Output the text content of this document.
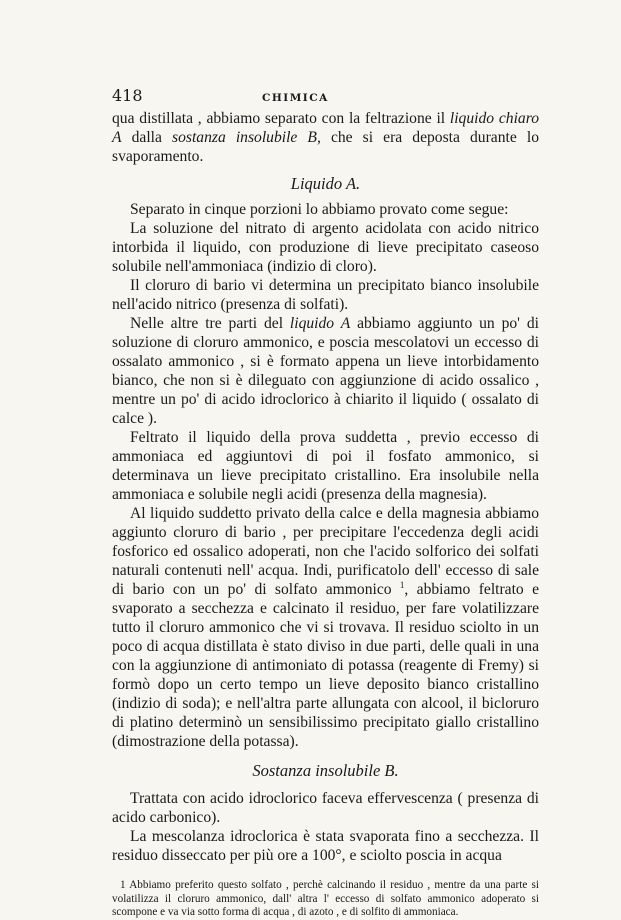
418	CHIMICA

qua distillata , abbiamo separato con la feltrazione il liquido chiaro A dalla sostanza insolubile B, che si era deposta durante lo svaporamento.

Liquido A.

Separato in cinque porzioni lo abbiamo provato come segue:

La soluzione del nitrato di argento acidolata con acido nitrico intorbida il liquido, con produzione di lieve precipitato caseoso solubile nell'ammoniaca (indizio di cloro).

Il cloruro di bario vi determina un precipitato bianco insolubile nell'acido nitrico (presenza di solfati).

Nelle altre tre parti del liquido A abbiamo aggiunto un po' di soluzione di cloruro ammonico, e poscia mescolatovi un eccesso di ossalato ammonico , si è formato appena un lieve intorbidamento bianco, che non si è dileguato con aggiunzione di acido ossalico , mentre un po' di acido idroclorico à chiarito il liquido ( ossalato di calce ).

Feltrato il liquido della prova suddetta , previo eccesso di ammoniaca ed aggiuntovi di poi il fosfato ammonico, si determinava un lieve precipitato cristallino. Era insolubile nella ammoniaca e solubile negli acidi (presenza della magnesia).

Al liquido suddetto privato della calce e della magnesia abbiamo aggiunto cloruro di bario , per precipitare l'eccedenza degli acidi fosforico ed ossalico adoperati, non che l'acido solforico dei solfati naturali contenuti nell' acqua. Indi, purificatolo dell' eccesso di sale di bario con un po' di solfato ammonico $^1$, abbiamo feltrato e svaporato a secchezza e calcinato il residuo, per fare volatilizzare tutto il cloruro ammonico che vi si trovava. Il residuo sciolto in un poco di acqua distillata è stato diviso in due parti, delle quali in una con la aggiunzione di antimoniato di potassa (reagente di Fremy) si formò dopo un certo tempo un lieve deposito bianco cristallino (indizio di soda); e nell'altra parte allungata con alcool, il bicloruro di platino determinò un sensibilissimo precipitato giallo cristallino (dimostrazione della potassa).

Sostanza insolubile B.

Trattata con acido idroclorico faceva effervescenza ( presenza di acido carbonico).

La mescolanza idroclorica è stata svaporata fino a secchezza. Il residuo disseccato per più ore a 100°, e sciolto poscia in acqua

1 Abbiamo preferito questo solfato , perchè calcinando il residuo , mentre da una parte si volatilizza il cloruro ammonico, dall' altra l' eccesso di solfato ammonico adoperato si scompone e va via sotto forma di acqua , di azoto , e di solfito di ammoniaca.
